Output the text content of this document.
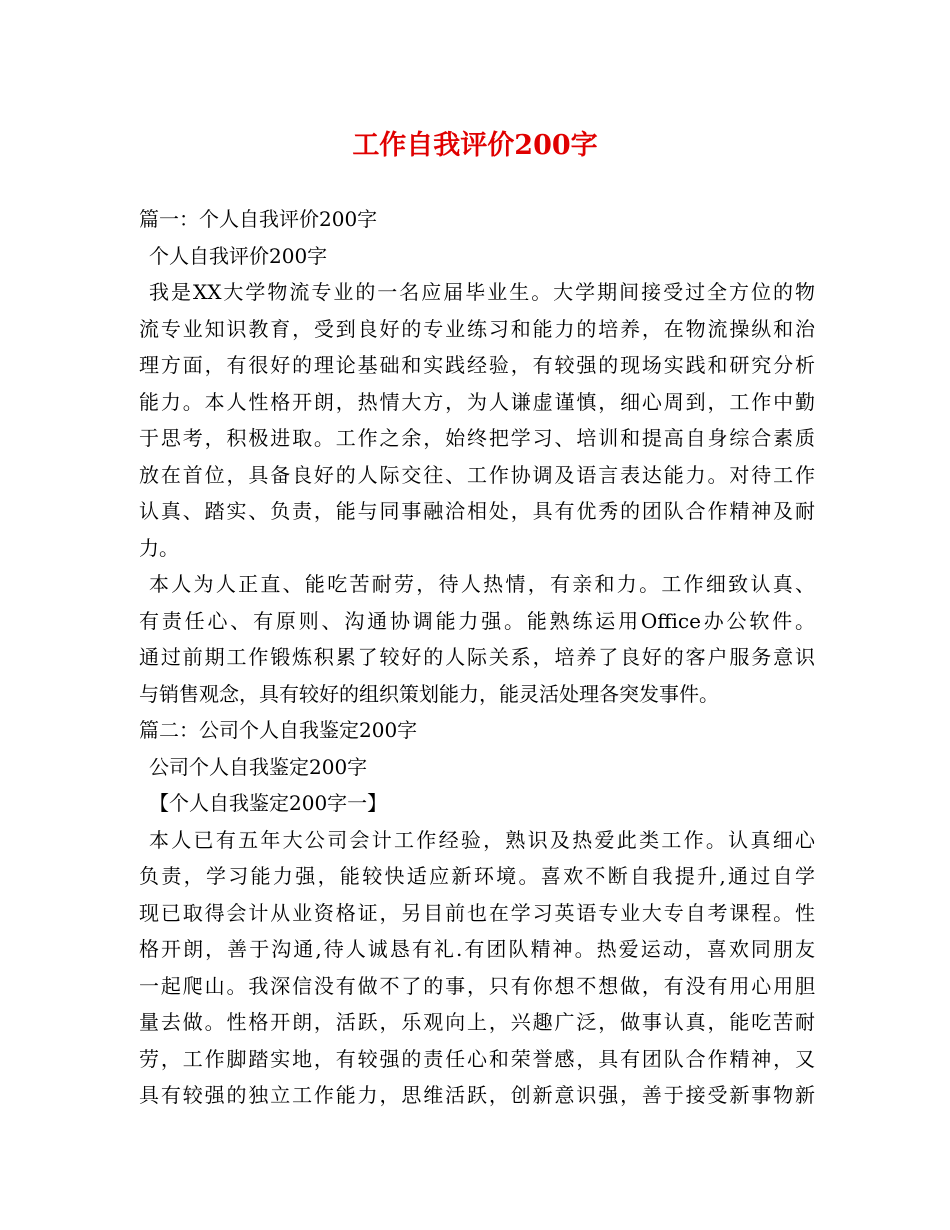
工作自我评价200字
篇一：个人自我评价200字
个人自我评价200字
我是XX大学物流专业的一名应届毕业生。大学期间接受过全方位的物
流专业知识教育，受到良好的专业练习和能力的培养，在物流操纵和治
理方面，有很好的理论基础和实践经验，有较强的现场实践和研究分析
能力。本人性格开朗，热情大方，为人谦虚谨慎，细心周到，工作中勤
于思考，积极进取。工作之余，始终把学习、培训和提高自身综合素质
放在首位，具备良好的人际交往、工作协调及语言表达能力。对待工作
认真、踏实、负责，能与同事融洽相处，具有优秀的团队合作精神及耐
力。
本人为人正直、能吃苦耐劳，待人热情，有亲和力。工作细致认真、
有责任心、有原则、沟通协调能力强。能熟练运用Office办公软件。
通过前期工作锻炼积累了较好的人际关系，培养了良好的客户服务意识
与销售观念，具有较好的组织策划能力，能灵活处理各突发事件。
篇二：公司个人自我鉴定200字
公司个人自我鉴定200字
【个人自我鉴定200字一】
本人已有五年大公司会计工作经验，熟识及热爱此类工作。认真细心
负责，学习能力强，能较快适应新环境。喜欢不断自我提升,通过自学
现已取得会计从业资格证，另目前也在学习英语专业大专自考课程。性
格开朗，善于沟通,待人诚恳有礼.有团队精神。热爱运动，喜欢同朋友
一起爬山。我深信没有做不了的事，只有你想不想做，有没有用心用胆
量去做。性格开朗，活跃，乐观向上，兴趣广泛，做事认真，能吃苦耐
劳，工作脚踏实地，有较强的责任心和荣誉感，具有团队合作精神，又
具有较强的独立工作能力，思维活跃，创新意识强，善于接受新事物新
